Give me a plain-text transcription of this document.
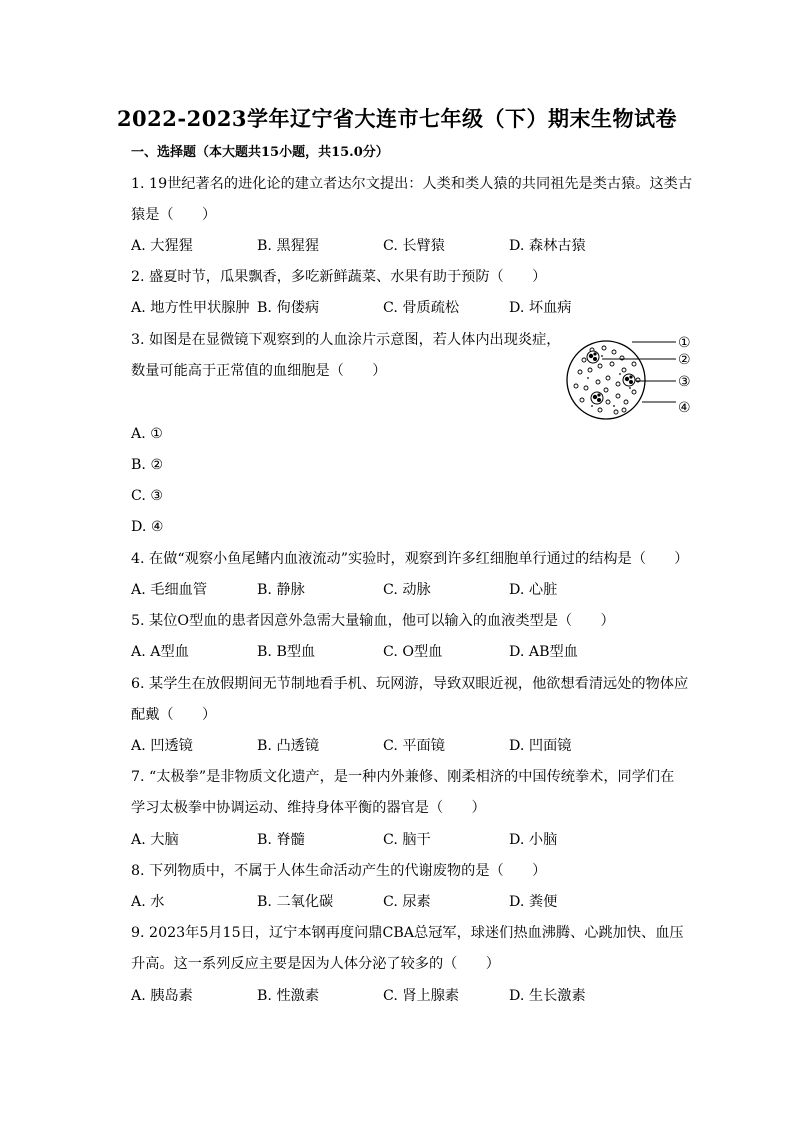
2022-2023学年辽宁省大连市七年级（下）期末生物试卷
一、选择题（本大题共15小题，共15.0分）
1. 19世纪著名的进化论的建立者达尔文提出：人类和类人猿的共同祖先是类古猿。这类古
猿是（　　）
A. 大猩猩	B. 黑猩猩	C. 长臂猿	D. 森林古猿
2. 盛夏时节，瓜果飘香，多吃新鲜蔬菜、水果有助于预防（　　）
A. 地方性甲状腺肿 B. 佝偻病	C. 骨质疏松	D. 坏血病
3. 如图是在显微镜下观察到的人血涂片示意图，若人体内出现炎症，
数量可能高于正常值的血细胞是（　　）
①
②
③
④
A. ①
B. ②
C. ③
D. ④
4. 在做“观察小鱼尾鳍内血液流动”实验时，观察到许多红细胞单行通过的结构是（　　）
A. 毛细血管	B. 静脉	C. 动脉	D. 心脏
5. 某位O型血的患者因意外急需大量输血，他可以输入的血液类型是（　　）
A. A型血	B. B型血	C. O型血	D. AB型血
6. 某学生在放假期间无节制地看手机、玩网游，导致双眼近视，他欲想看清远处的物体应
配戴（　　）
A. 凹透镜	B. 凸透镜	C. 平面镜	D. 凹面镜
7. “太极拳”是非物质文化遗产，是一种内外兼修、刚柔相济的中国传统拳术，同学们在
学习太极拳中协调运动、维持身体平衡的器官是（　　）
A. 大脑	B. 脊髓	C. 脑干	D. 小脑
8. 下列物质中，不属于人体生命活动产生的代谢废物的是（　　）
A. 水	B. 二氧化碳	C. 尿素	D. 粪便
9. 2023年5月15日，辽宁本钢再度问鼎CBA总冠军，球迷们热血沸腾、心跳加快、血压
升高。这一系列反应主要是因为人体分泌了较多的（　　）
A. 胰岛素	B. 性激素	C. 肾上腺素	D. 生长激素
